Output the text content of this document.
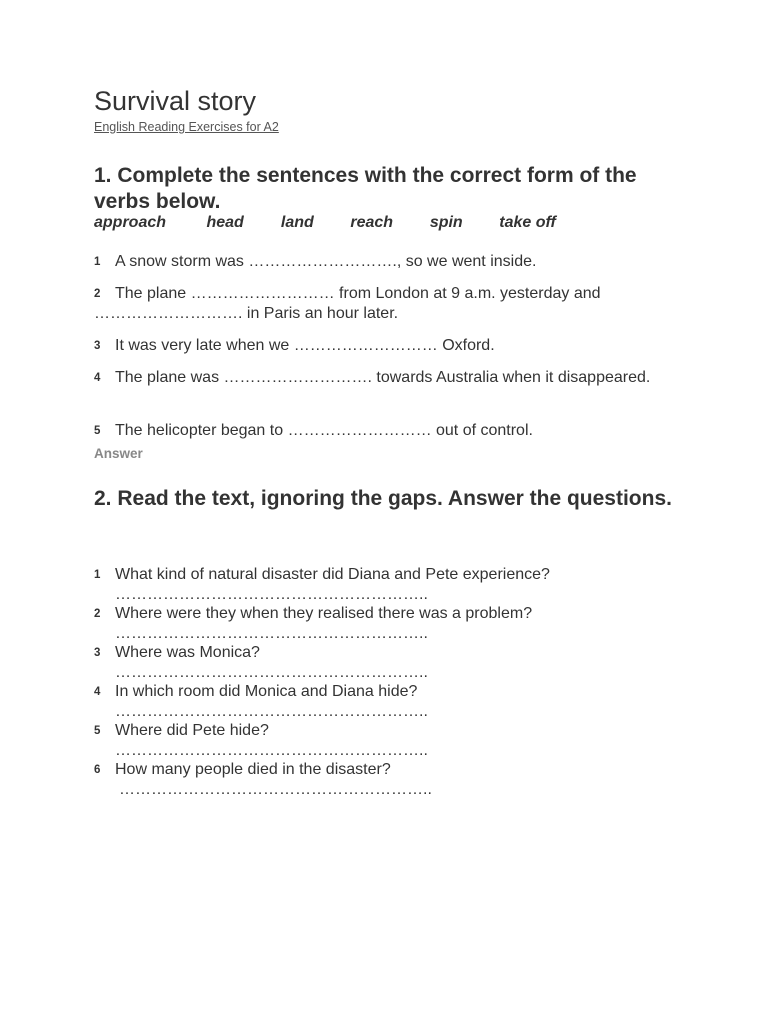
Survival story
English Reading Exercises for A2
1. Complete the sentences with the correct form of the verbs below.
approach	head land reach spin take off
1 A snow storm was ………………………., so we went inside.
2 The plane ……………………… from London at 9 a.m. yesterday and ………………………. in Paris an hour later.
3 It was very late when we ……………………… Oxford.
4 The plane was ………………………. towards Australia when it disappeared.
5 The helicopter began to ……………………… out of control.
Answer
2. Read the text, ignoring the gaps. Answer the questions.
1 What kind of natural disaster did Diana and Pete experience?
…………………………………………………..
2 Where were they when they realised there was a problem?
…………………………………………………..
3 Where was Monica?
…………………………………………………..
4 In which room did Monica and Diana hide?
…………………………………………………..
5 Where did Pete hide?
…………………………………………………..
6 How many people died in the disaster?
…………………………………………………..
